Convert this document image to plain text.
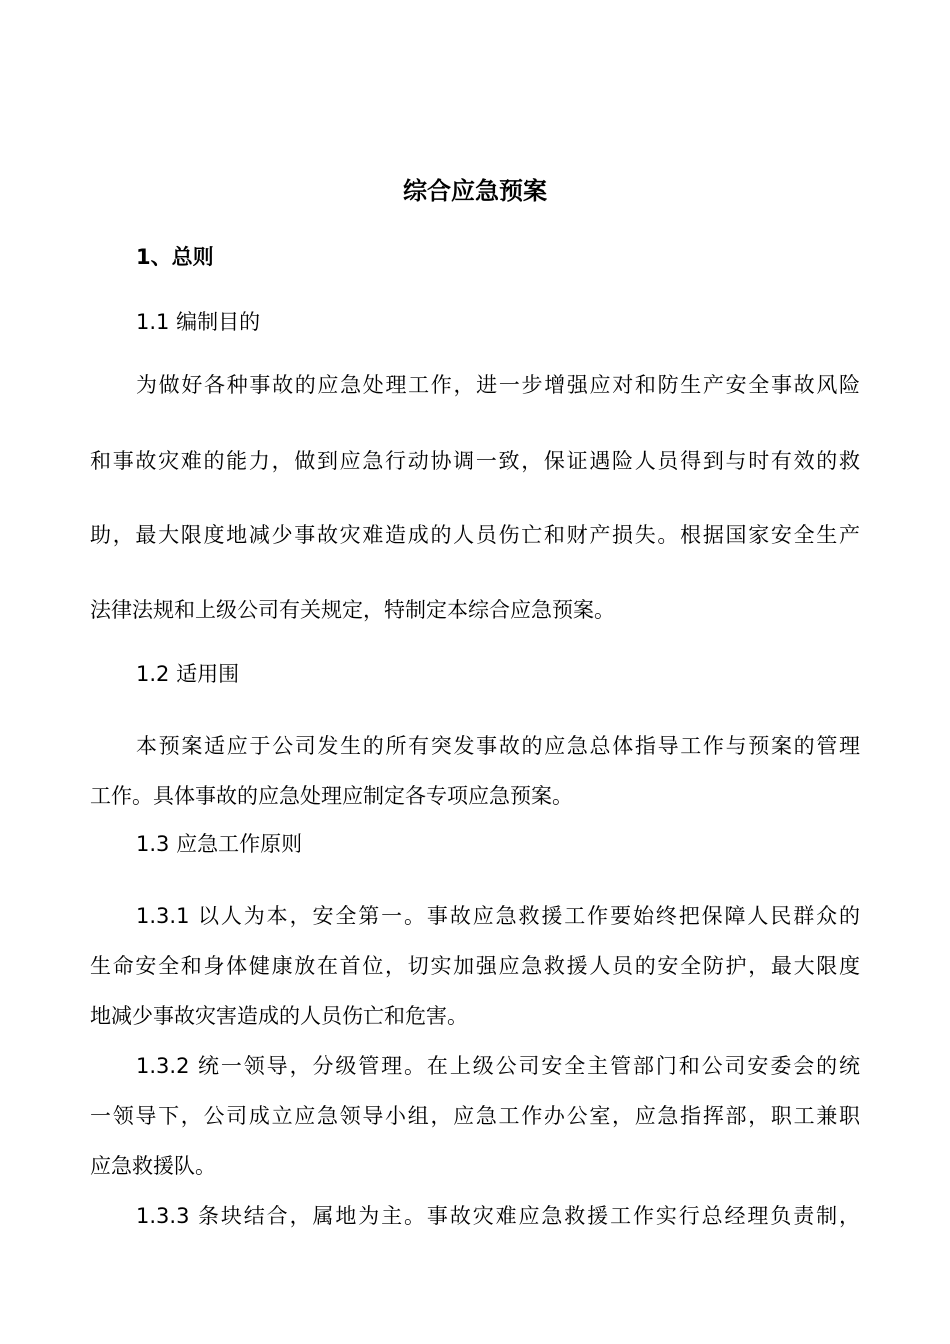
综合应急预案
1、总则
1.1 编制目的
为做好各种事故的应急处理工作，进一步增强应对和防生产安全事故风险
和事故灾难的能力，做到应急行动协调一致，保证遇险人员得到与时有效的救
助，最大限度地减少事故灾难造成的人员伤亡和财产损失。根据国家安全生产
法律法规和上级公司有关规定，特制定本综合应急预案。
1.2 适用围
本预案适应于公司发生的所有突发事故的应急总体指导工作与预案的管理
工作。具体事故的应急处理应制定各专项应急预案。
1.3 应急工作原则
1.3.1 以人为本，安全第一。事故应急救援工作要始终把保障人民群众的
生命安全和身体健康放在首位，切实加强应急救援人员的安全防护，最大限度
地减少事故灾害造成的人员伤亡和危害。
1.3.2 统一领导，分级管理。在上级公司安全主管部门和公司安委会的统
一领导下，公司成立应急领导小组，应急工作办公室，应急指挥部，职工兼职
应急救援队。
1.3.3 条块结合，属地为主。事故灾难应急救援工作实行总经理负责制，
